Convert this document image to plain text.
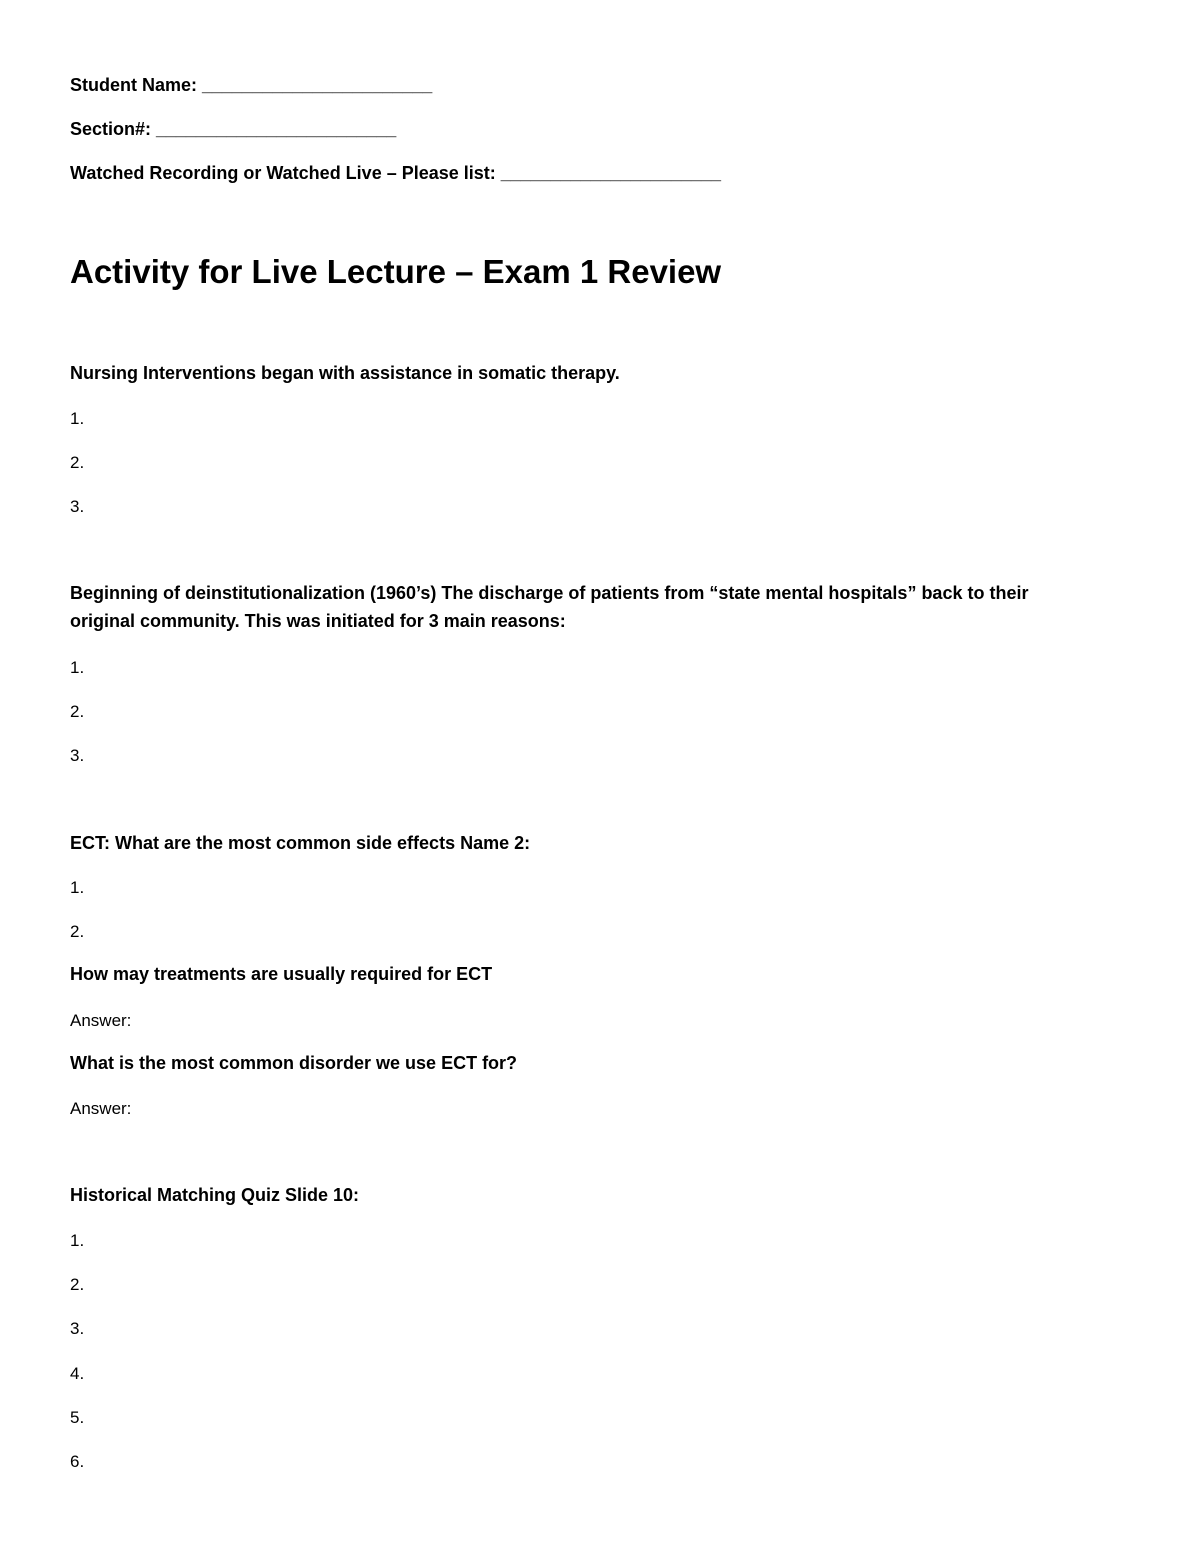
Student Name: _______________________
Section#: ________________________
Watched Recording or Watched Live – Please list: ______________________
Activity for Live Lecture – Exam 1 Review
Nursing Interventions began with assistance in somatic therapy.
1.
2.
3.
Beginning of deinstitutionalization (1960’s) The discharge of patients from “state mental hospitals” back to their original community. This was initiated for 3 main reasons:
1.
2.
3.
ECT: What are the most common side effects Name 2:
1.
2.
How may treatments are usually required for ECT
Answer:
What is the most common disorder we use ECT for?
Answer:
Historical Matching Quiz Slide 10:
1.
2.
3.
4.
5.
6.
